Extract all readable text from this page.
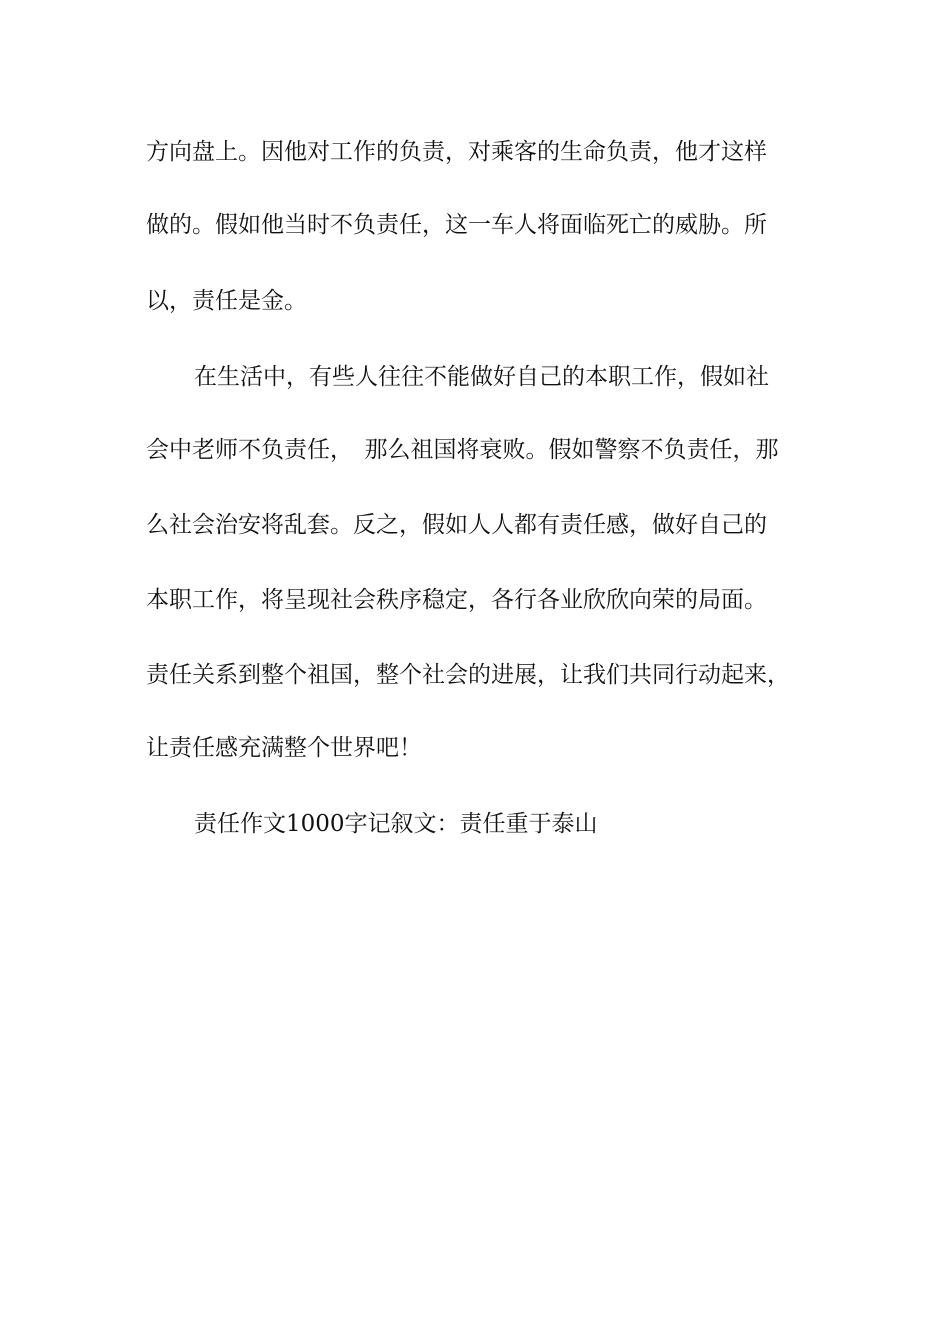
方向盘上。因他对工作的负责，对乘客的生命负责，他才这样
做的。假如他当时不负责任，这一车人将面临死亡的威胁。所
以，责任是金。
在生活中，有些人往往不能做好自己的本职工作，假如社
会中老师不负责任，　那么祖国将衰败。假如警察不负责任，那
么社会治安将乱套。反之，假如人人都有责任感，做好自己的
本职工作，将呈现社会秩序稳定，各行各业欣欣向荣的局面。
责任关系到整个祖国，整个社会的进展，让我们共同行动起来，
让责任感充满整个世界吧！
责任作文1000字记叙文：责任重于泰山
